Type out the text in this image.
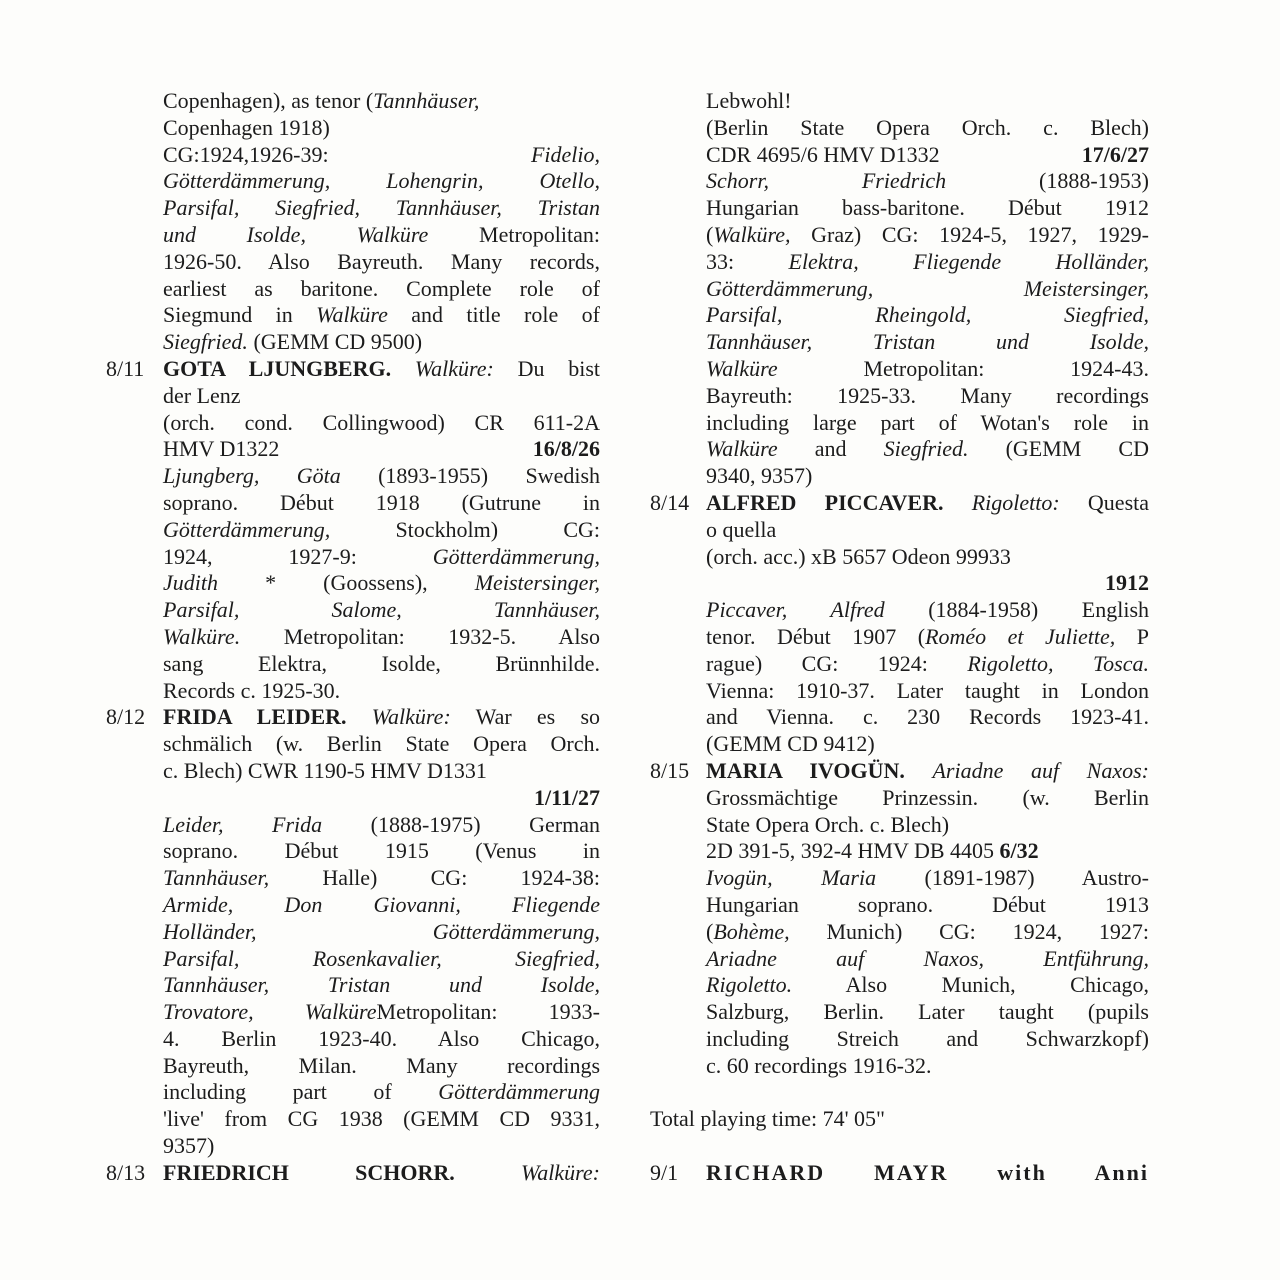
Copenhagen), as tenor (Tannhäuser,
Copenhagen 1918)
CG:1924,1926-39: Fidelio,
Götterdämmerung, Lohengrin, Otello,
Parsifal, Siegfried, Tannhäuser, Tristan
und Isolde, Walküre Metropolitan:
1926-50. Also Bayreuth. Many records,
earliest as baritone. Complete role of
Siegmund in Walküre and title role of
Siegfried. (GEMM CD 9500)
8/11 GOTA LJUNGBERG. Walküre: Du bist
der Lenz
(orch. cond. Collingwood) CR 611-2A
HMV D1322	16/8/26
Ljungberg, Göta (1893-1955) Swedish
soprano. Début 1918 (Gutrune in
Götterdämmerung, Stockholm) CG:
1924, 1927-9: Götterdämmerung,
Judith * (Goossens), Meistersinger,
Parsifal, Salome, Tannhäuser,
Walküre. Metropolitan: 1932-5. Also
sang Elektra, Isolde, Brünnhilde.
Records c. 1925-30.
8/12 FRIDA LEIDER. Walküre: War es so
schmälich (w. Berlin State Opera Orch.
c. Blech) CWR 1190-5 HMV D1331
1/11/27
Leider, Frida (1888-1975) German
soprano. Début 1915 (Venus in
Tannhäuser, Halle) CG: 1924-38:
Armide, Don Giovanni, Fliegende
Holländer, Götterdämmerung,
Parsifal, Rosenkavalier, Siegfried,
Tannhäuser, Tristan und Isolde,
Trovatore, WalküreMetropolitan: 1933-
4. Berlin 1923-40. Also Chicago,
Bayreuth, Milan. Many recordings
including part of Götterdämmerung
'live' from CG 1938 (GEMM CD 9331,
9357)
8/13 FRIEDRICH SCHORR.	Walküre:
Lebwohl!
(Berlin State Opera Orch. c. Blech)
CDR 4695/6 HMV D1332	17/6/27
Schorr, Friedrich (1888-1953)
Hungarian bass-baritone. Début 1912
(Walküre, Graz) CG: 1924-5, 1927, 1929-
33: Elektra, Fliegende Holländer,
Götterdämmerung, Meistersinger,
Parsifal, Rheingold, Siegfried,
Tannhäuser, Tristan und Isolde,
Walküre Metropolitan: 1924-43.
Bayreuth: 1925-33. Many recordings
including large part of Wotan's role in
Walküre and Siegfried. (GEMM CD
9340, 9357)
8/14 ALFRED PICCAVER. Rigoletto: Questa
o quella
(orch. acc.) xB 5657 Odeon 99933
1912
Piccaver, Alfred (1884-1958) English
tenor. Début 1907 (Roméo et Juliette, P
rague) CG: 1924: Rigoletto, Tosca.
Vienna: 1910-37. Later taught in London
and Vienna. c. 230 Records 1923-41.
(GEMM CD 9412)
8/15 MARIA IVOGÜN. Ariadne auf Naxos:
Grossmächtige Prinzessin. (w. Berlin
State Opera Orch. c. Blech)
2D 391-5, 392-4 HMV DB 4405 6/32
Ivogün, Maria (1891-1987) Austro-
Hungarian soprano. Début 1913
(Bohème, Munich) CG: 1924, 1927:
Ariadne auf Naxos, Entführung,
Rigoletto. Also Munich, Chicago,
Salzburg, Berlin. Later taught (pupils
including Streich and Schwarzkopf)
c. 60 recordings 1916-32.
Total playing time: 74' 05"
9/1 RICHARD MAYR with Anni
